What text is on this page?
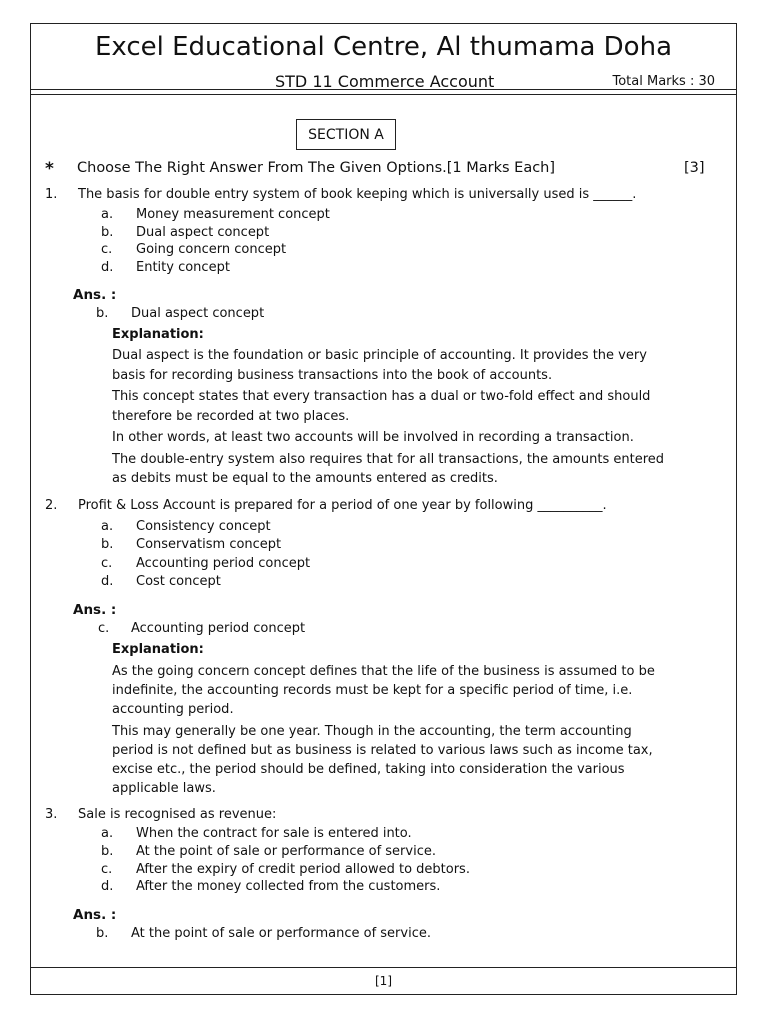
Excel Educational Centre, Al thumama Doha
STD 11 Commerce Account	Total Marks : 30
SECTION A
* Choose The Right Answer From The Given Options.[1 Marks Each]	[3]
1. The basis for double entry system of book keeping which is universally used is ______.
a. Money measurement concept
b. Dual aspect concept
c. Going concern concept
d. Entity concept
Ans. :
b. Dual aspect concept
Explanation:
Dual aspect is the foundation or basic principle of accounting. It provides the very
basis for recording business transactions into the book of accounts.
This concept states that every transaction has a dual or two-fold effect and should
therefore be recorded at two places.
In other words, at least two accounts will be involved in recording a transaction.
The double-entry system also requires that for all transactions, the amounts entered
as debits must be equal to the amounts entered as credits.
2. Profit & Loss Account is prepared for a period of one year by following __________.
a. Consistency concept
b. Conservatism concept
c. Accounting period concept
d. Cost concept
Ans. :
c. Accounting period concept
Explanation:
As the going concern concept defines that the life of the business is assumed to be
indefinite, the accounting records must be kept for a specific period of time, i.e.
accounting period.
This may generally be one year. Though in the accounting, the term accounting
period is not defined but as business is related to various laws such as income tax,
excise etc., the period should be defined, taking into consideration the various
applicable laws.
3. Sale is recognised as revenue:
a. When the contract for sale is entered into.
b. At the point of sale or performance of service.
c. After the expiry of credit period allowed to debtors.
d. After the money collected from the customers.
Ans. :
b. At the point of sale or performance of service.
[1]
